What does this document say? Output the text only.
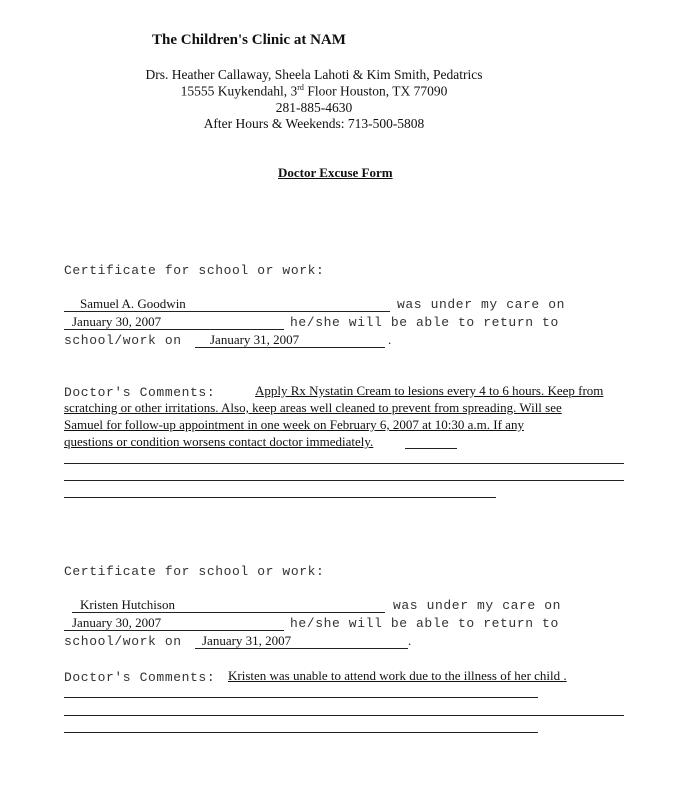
The Children's Clinic at NAM
Drs. Heather Callaway, Sheela Lahoti & Kim Smith, Pedatrics
15555 Kuykendahl, 3rd Floor Houston, TX 77090
281-885-4630
After Hours & Weekends: 713-500-5808
Doctor Excuse Form
Certificate for school or work:
Samuel A. Goodwin	was under my care on
January 30, 2007	he/she will be able to return to
school/work on January 31, 2007	.
Doctor's Comments:	Apply Rx Nystatin Cream to lesions every 4 to 6 hours. Keep from
scratching or other irritations. Also, keep areas well cleaned to prevent from spreading. Will see
Samuel for follow-up appointment in one week on February 6, 2007 at 10:30 a.m. If any
questions or condition worsens contact doctor immediately.
Certificate for school or work:
Kristen Hutchison	was under my care on
January 30, 2007	he/she will be able to return to
school/work on January 31, 2007	.
Doctor's Comments: Kristen was unable to attend work due to the illness of her child .
